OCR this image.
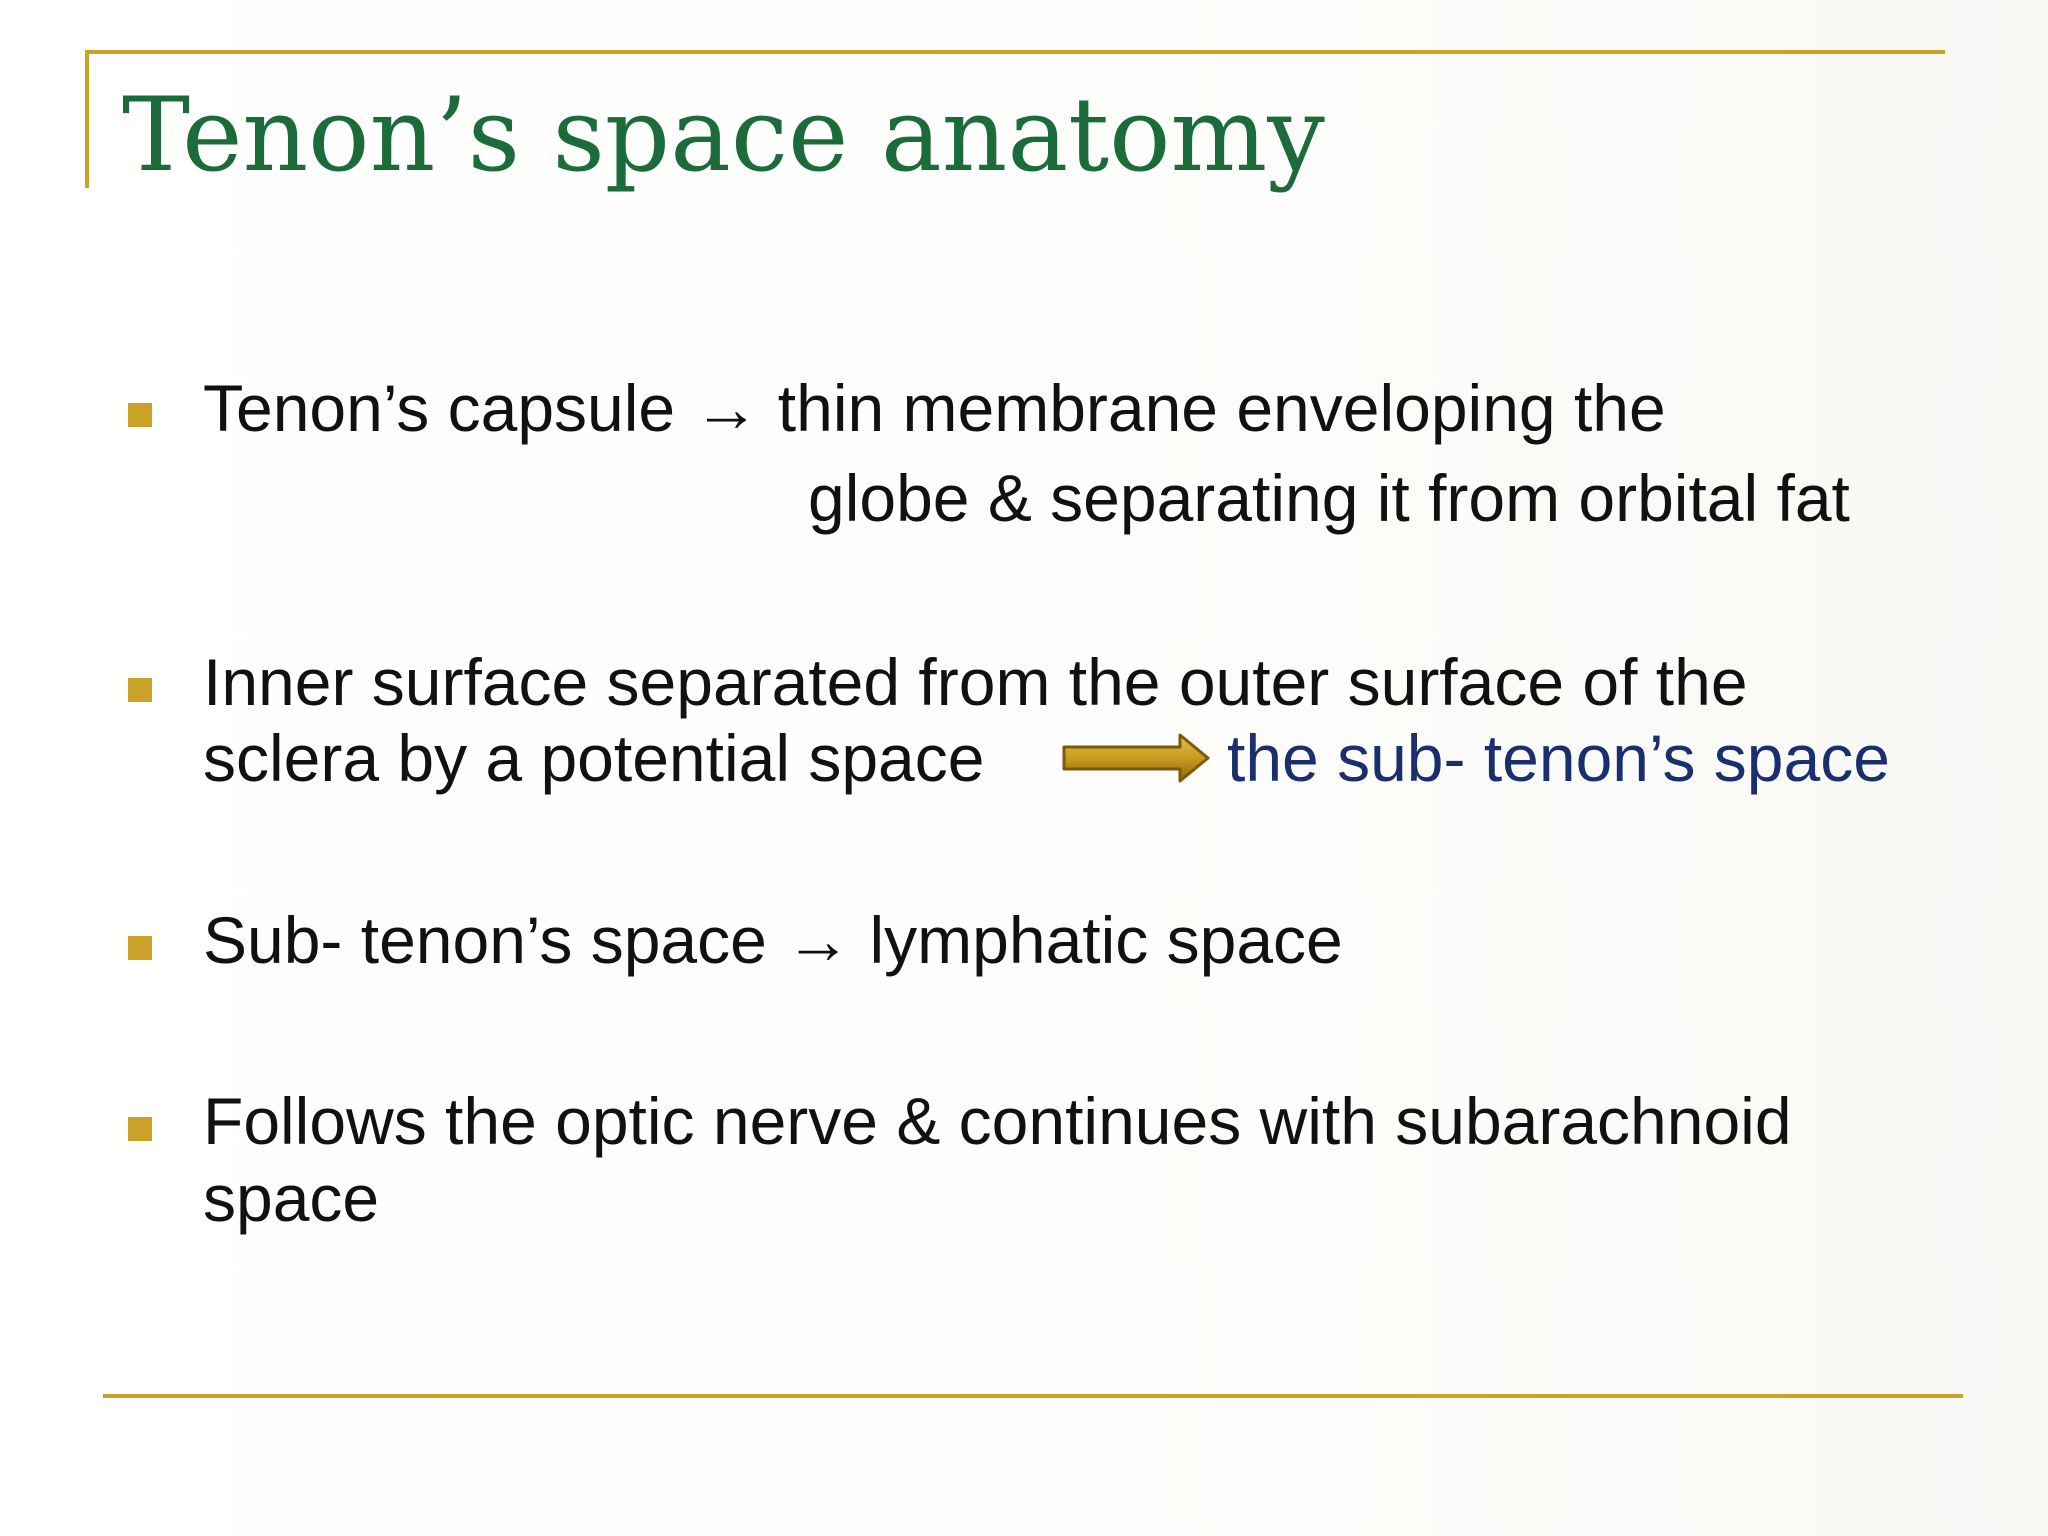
Tenon’s space anatomy

Tenon’s capsule → thin membrane enveloping the

globe & separating it from orbital fat

Inner surface separated from the outer surface of the

sclera by a potential space	the sub- tenon’s space

Sub- tenon’s space → lymphatic space

Follows the optic nerve & continues with subarachnoid

space
